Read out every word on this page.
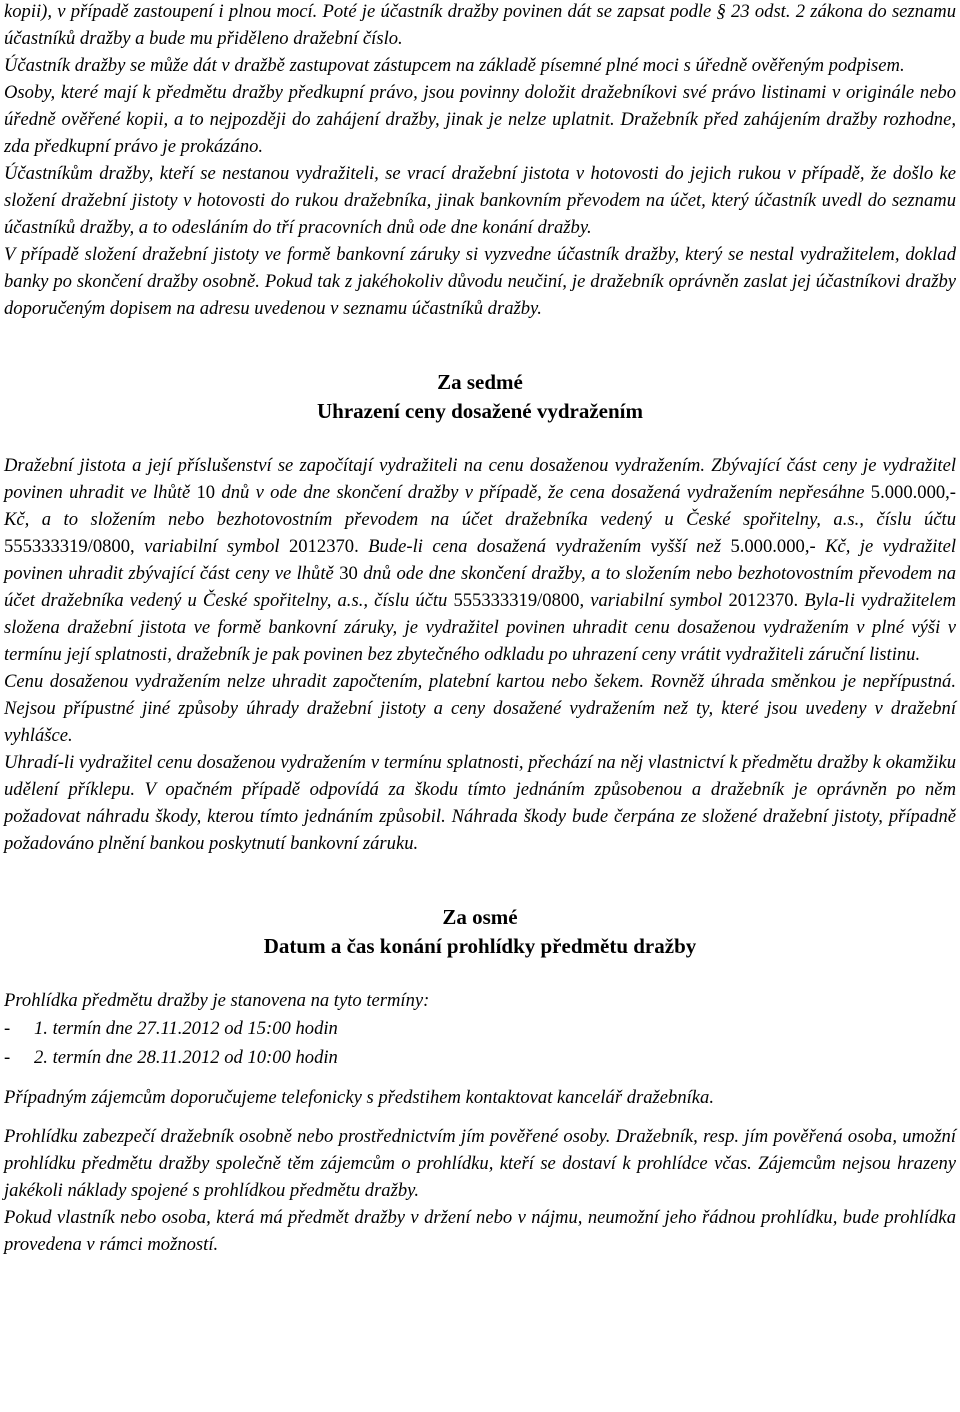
kopii), v případě zastoupení i plnou mocí. Poté je účastník dražby povinen dát se zapsat podle § 23 odst. 2 zákona do seznamu účastníků dražby a bude mu přiděleno dražební číslo.

Účastník dražby se může dát v dražbě zastupovat zástupcem na základě písemné plné moci s úředně ověřeným podpisem.

Osoby, které mají k předmětu dražby předkupní právo, jsou povinny doložit dražebníkovi své právo listinami v originále nebo úředně ověřené kopii, a to nejpozději do zahájení dražby, jinak je nelze uplatnit. Dražebník před zahájením dražby rozhodne, zda předkupní právo je prokázáno.

Účastníkům dražby, kteří se nestanou vydražiteli, se vrací dražební jistota v hotovosti do jejich rukou v případě, že došlo ke složení dražební jistoty v hotovosti do rukou dražebníka, jinak bankovním převodem na účet, který účastník uvedl do seznamu účastníků dražby, a to odesláním do tří pracovních dnů ode dne konání dražby.

V případě složení dražební jistoty ve formě bankovní záruky si vyzvedne účastník dražby, který se nestal vydražitelem, doklad banky po skončení dražby osobně. Pokud tak z jakéhokoliv důvodu neučiní, je dražebník oprávněn zaslat jej účastníkovi dražby doporučeným dopisem na adresu uvedenou v seznamu účastníků dražby.

Za sedmé
Uhrazení ceny dosažené vydražením

Dražební jistota a její příslušenství se započítají vydražiteli na cenu dosaženou vydražením. Zbývající část ceny je vydražitel povinen uhradit ve lhůtě 10 dnů v ode dne skončení dražby v případě, že cena dosažená vydražením nepřesáhne 5.000.000,- Kč, a to složením nebo bezhotovostním převodem na účet dražebníka vedený u České spořitelny, a.s., číslu účtu 555333319/0800, variabilní symbol 2012370. Bude-li cena dosažená vydražením vyšší než 5.000.000,- Kč, je vydražitel povinen uhradit zbývající část ceny ve lhůtě 30 dnů ode dne skončení dražby, a to složením nebo bezhotovostním převodem na účet dražebníka vedený u České spořitelny, a.s., číslu účtu 555333319/0800, variabilní symbol 2012370. Byla-li vydražitelem složena dražební jistota ve formě bankovní záruky, je vydražitel povinen uhradit cenu dosaženou vydražením v plné výši v termínu její splatnosti, dražebník je pak povinen bez zbytečného odkladu po uhrazení ceny vrátit vydražiteli záruční listinu.

Cenu dosaženou vydražením nelze uhradit započtením, platební kartou nebo šekem. Rovněž úhrada směnkou je nepřípustná. Nejsou přípustné jiné způsoby úhrady dražební jistoty a ceny dosažené vydražením než ty, které jsou uvedeny v dražební vyhlášce.

Uhradí-li vydražitel cenu dosaženou vydražením v termínu splatnosti, přechází na něj vlastnictví k předmětu dražby k okamžiku udělení příklepu. V opačném případě odpovídá za škodu tímto jednáním způsobenou a dražebník je oprávněn po něm požadovat náhradu škody, kterou tímto jednáním způsobil. Náhrada škody bude čerpána ze složené dražební jistoty, případně požadováno plnění bankou poskytnutí bankovní záruku.

Za osmé
Datum a čas konání prohlídky předmětu dražby

Prohlídka předmětu dražby je stanovena na tyto termíny:

-	1. termín dne 27.11.2012 od 15:00 hodin
-	2. termín dne 28.11.2012 od 10:00 hodin

Případným zájemcům doporučujeme telefonicky s předstihem kontaktovat kancelář dražebníka.

Prohlídku zabezpečí dražebník osobně nebo prostřednictvím jím pověřené osoby. Dražebník, resp. jím pověřená osoba, umožní prohlídku předmětu dražby společně těm zájemcům o prohlídku, kteří se dostaví k prohlídce včas. Zájemcům nejsou hrazeny jakékoli náklady spojené s prohlídkou předmětu dražby.

Pokud vlastník nebo osoba, která má předmět dražby v držení nebo v nájmu, neumožní jeho řádnou prohlídku, bude prohlídka provedena v rámci možností.
